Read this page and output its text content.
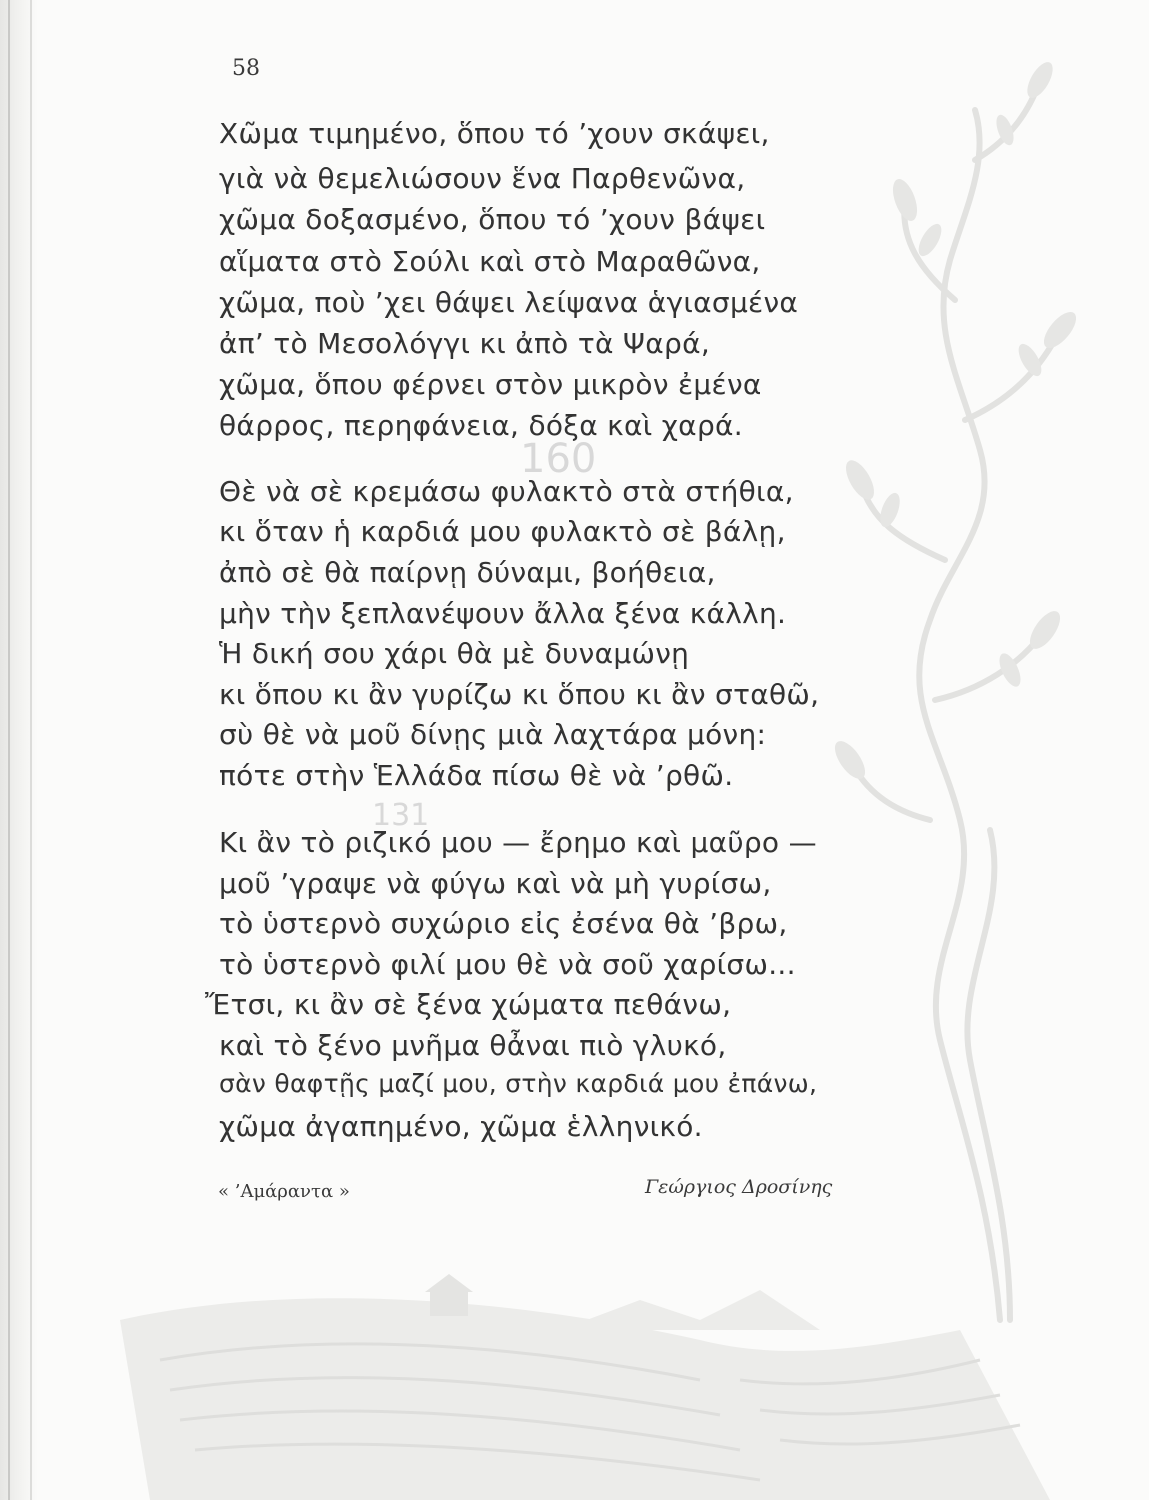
160
131
58
Χῶμα τιμημένο, ὅπου τό ’χουν σκάψει,
γιὰ νὰ θεμελιώσουν ἕνα Παρθενῶνα,
χῶμα δοξασμένο, ὅπου τό ’χουν βάψει
αἵματα στὸ Σούλι καὶ στὸ Μαραθῶνα,
χῶμα, ποὺ ’χει θάψει λείψανα ἁγιασμένα
ἀπ’ τὸ Μεσολόγγι κι ἀπὸ τὰ Ψαρά,
χῶμα, ὅπου φέρνει στὸν μικρὸν ἐμένα
θάρρος, περηφάνεια, δόξα καὶ χαρά.
Θὲ νὰ σὲ κρεμάσω φυλακτὸ στὰ στήθια,
κι ὅταν ἡ καρδιά μου φυλακτὸ σὲ βάλῃ,
ἀπὸ σὲ θὰ παίρνῃ δύναμι, βοήθεια,
μὴν τὴν ξεπλανέψουν ἄλλα ξένα κάλλη.
Ἡ δική σου χάρι θὰ μὲ δυναμώνῃ
κι ὅπου κι ἂν γυρίζω κι ὅπου κι ἂν σταθῶ,
σὺ θὲ νὰ μοῦ δίνῃς μιὰ λαχτάρα μόνη:
πότε στὴν Ἑλλάδα πίσω θὲ νὰ ’ρθῶ.
Κι ἂν τὸ ριζικό μου — ἔρημο καὶ μαῦρο —
μοῦ ’γραψε νὰ φύγω καὶ νὰ μὴ γυρίσω,
τὸ ὑστερνὸ συχώριο εἰς ἐσένα θὰ ’βρω,
τὸ ὑστερνὸ φιλί μου θὲ νὰ σοῦ χαρίσω...
Ἔτσι, κι ἂν σὲ ξένα χώματα πεθάνω,
καὶ τὸ ξένο μνῆμα θἆναι πιὸ γλυκό,
σὰν θαφτῇς μαζί μου, στὴν καρδιά μου ἐπάνω,
χῶμα ἀγαπημένο, χῶμα ἑλληνικό.
« ’Αμάραντα »	Γεώργιος Δροσίνης
